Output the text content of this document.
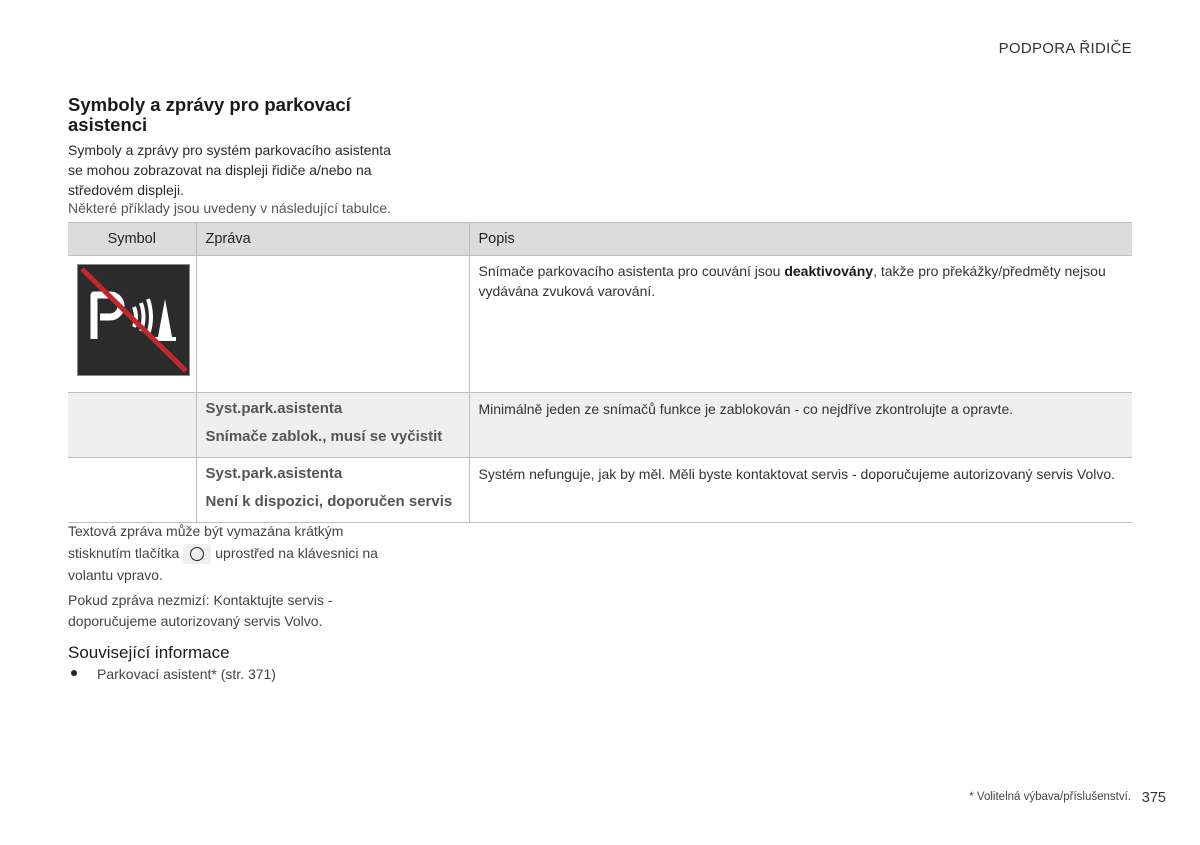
PODPORA ŘIDIČE
Symboly a zprávy pro parkovací asistenci

Symboly a zprávy pro systém parkovacího asistenta se mohou zobrazovat na displeji řidiče a/nebo na středovém displeji.

Některé příklady jsou uvedeny v následující tabulce.

Symbol	Zpráva	Popis

		Snímače parkovacího asistenta pro couvání jsou deaktivovány, takže pro překážky/předměty nejsou vydávána zvuková varování.

	Syst.park.asistenta
Snímače zablok., musí se vyčistit	Minimálně jeden ze snímačů funkce je zablokován - co nejdříve zkontrolujte a opravte.

	Syst.park.asistenta
Není k dispozici, doporučen servis	Systém nefunguje, jak by měl. Měli byste kontaktovat servis - doporučujeme autorizovaný servis Volvo.

Textová zpráva může být vymazána krátkým stisknutím tlačítka	uprostřed na klávesnici na volantu vpravo.

Pokud zpráva nezmizí: Kontaktujte servis - doporučujeme autorizovaný servis Volvo.

Související informace
Parkovací asistent* (str. 371)
* Volitelná výbava/příslušenství. 375
